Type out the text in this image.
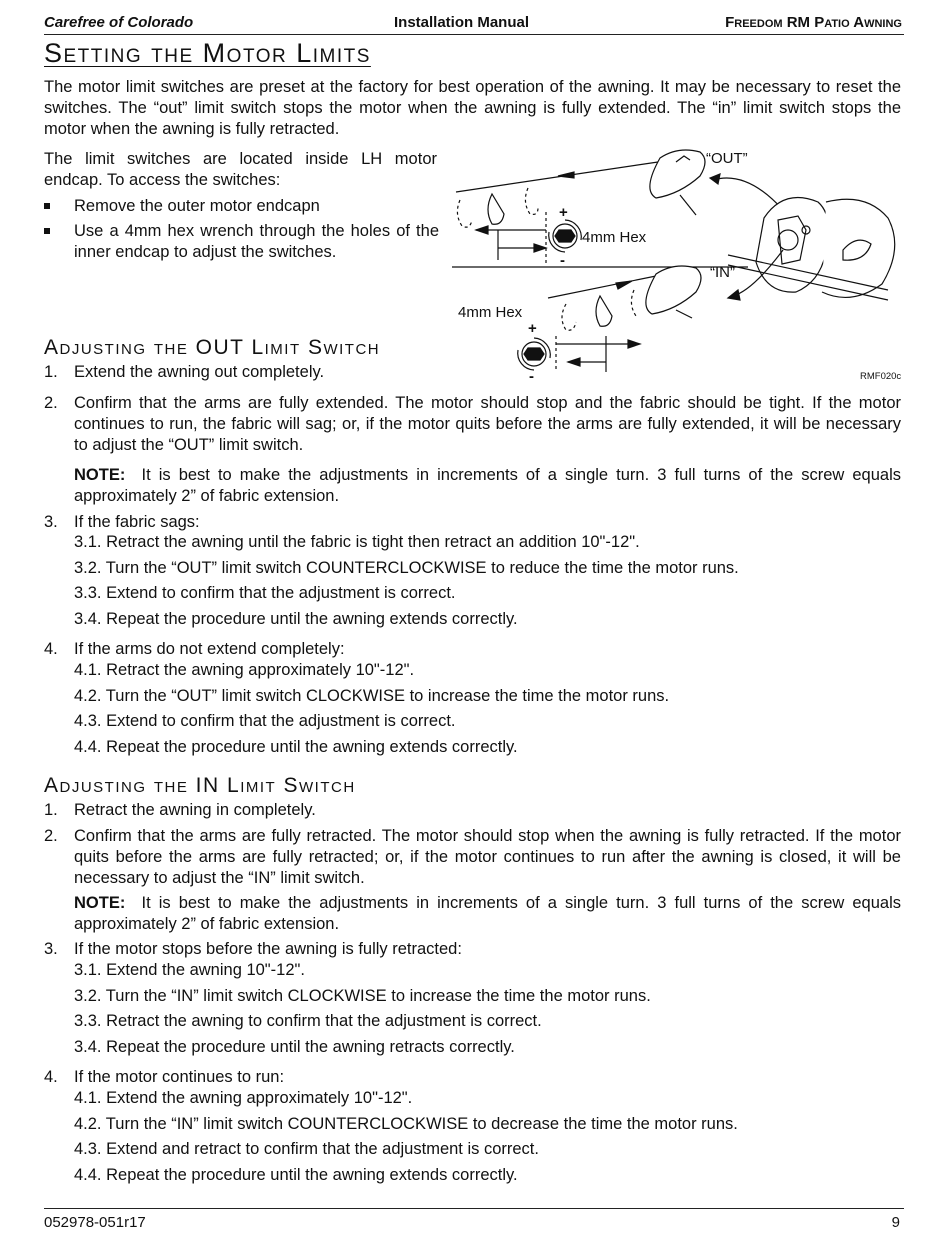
Carefree of Colorado	Installation Manual	Freedom RM Patio Awning
Setting the Motor Limits
The motor limit switches are preset at the factory for best operation of the awning. It may be necessary to reset the switches. The “out” limit switch stops the motor when the awning is fully extended. The “in” limit switch stops the motor when the awning is fully retracted.
The limit switches are located inside LH motor endcap. To access the switches:
Remove the outer motor endcapn
Use a 4mm hex wrench through the holes of the inner endcap to adjust the switches.
“OUT”
“IN”
4mm Hex
4mm Hex
+
-
+
-	RMF020c
Adjusting the OUT Limit Switch
1. Extend the awning out completely.
2. Confirm that the arms are fully extended. The motor should stop and the fabric should be tight. If the motor continues to run, the fabric will sag; or, if the motor quits before the arms are fully extended, it will be necessary to adjust the “OUT” limit switch.
NOTE: It is best to make the adjustments in increments of a single turn. 3 full turns of the screw equals approximately 2” of fabric extension.
3. If the fabric sags:
3.1. Retract the awning until the fabric is tight then retract an addition 10"-12".
3.2. Turn the “OUT” limit switch COUNTERCLOCKWISE to reduce the time the motor runs.
3.3. Extend to confirm that the adjustment is correct.
3.4. Repeat the procedure until the awning extends correctly.
4. If the arms do not extend completely:
4.1. Retract the awning approximately 10"-12".
4.2. Turn the “OUT” limit switch CLOCKWISE to increase the time the motor runs.
4.3. Extend to confirm that the adjustment is correct.
4.4. Repeat the procedure until the awning extends correctly.
Adjusting the IN Limit Switch
1. Retract the awning in completely.
2. Confirm that the arms are fully retracted. The motor should stop when the awning is fully retracted. If the motor quits before the arms are fully retracted; or, if the motor continues to run after the awning is closed, it will be necessary to adjust the “IN” limit switch.
NOTE: It is best to make the adjustments in increments of a single turn. 3 full turns of the screw equals approximately 2” of fabric extension.
3. If the motor stops before the awning is fully retracted:
3.1. Extend the awning 10"-12".
3.2. Turn the “IN” limit switch CLOCKWISE to increase the time the motor runs.
3.3. Retract the awning to confirm that the adjustment is correct.
3.4. Repeat the procedure until the awning retracts correctly.
4. If the motor continues to run:
4.1. Extend the awning approximately 10"-12".
4.2. Turn the “IN” limit switch COUNTERCLOCKWISE to decrease the time the motor runs.
4.3. Extend and retract to confirm that the adjustment is correct.
4.4. Repeat the procedure until the awning extends correctly.
052978-051r17	9
